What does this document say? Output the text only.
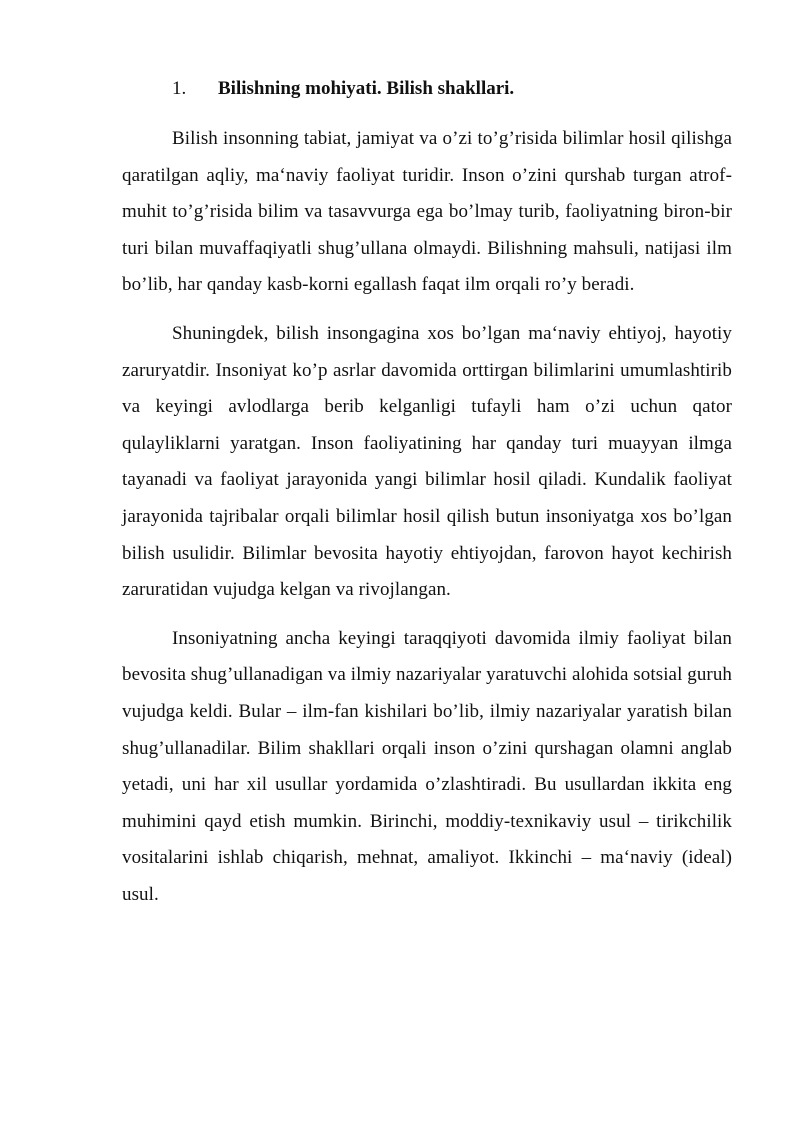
1.	Bilishning mohiyati. Bilish shakllari.

Bilish insonning tabiat, jamiyat va o’zi to’g’risida bilimlar hosil qilishga qaratilgan aqliy, ma‘naviy faoliyat turidir. Inson o’zini qurshab turgan atrof-muhit to’g’risida bilim va tasavvurga ega bo’lmay turib, faoliyatning biron-bir turi bilan muvaffaqiyatli shug’ullana olmaydi. Bilishning mahsuli, natijasi ilm bo’lib, har qanday kasb-korni egallash faqat ilm orqali ro’y beradi.

Shuningdek, bilish insongagina xos bo’lgan ma‘naviy ehtiyoj, hayotiy zaruryatdir. Insoniyat ko’p asrlar davomida orttirgan bilimlarini umumlashtirib va keyingi avlodlarga berib kelganligi tufayli ham o’zi uchun qator qulayliklarni yaratgan. Inson faoliyatining har qanday turi muayyan ilmga tayanadi va faoliyat jarayonida yangi bilimlar hosil qiladi. Kundalik faoliyat jarayonida tajribalar orqali bilimlar hosil qilish butun insoniyatga xos bo’lgan bilish usulidir. Bilimlar bevosita hayotiy ehtiyojdan, farovon hayot kechirish zaruratidan vujudga kelgan va rivojlangan.

Insoniyatning ancha keyingi taraqqiyoti davomida ilmiy faoliyat bilan bevosita shug’ullanadigan va ilmiy nazariyalar yaratuvchi alohida sotsial guruh vujudga keldi. Bular – ilm-fan kishilari bo’lib, ilmiy nazariyalar yaratish bilan shug’ullanadilar. Bilim shakllari orqali inson o’zini qurshagan olamni anglab yetadi, uni har xil usullar yordamida o’zlashtiradi. Bu usullardan ikkita eng muhimini qayd etish mumkin. Birinchi, moddiy-texnikaviy usul – tirikchilik vositalarini ishlab chiqarish, mehnat, amaliyot. Ikkinchi – ma‘naviy (ideal) usul.
